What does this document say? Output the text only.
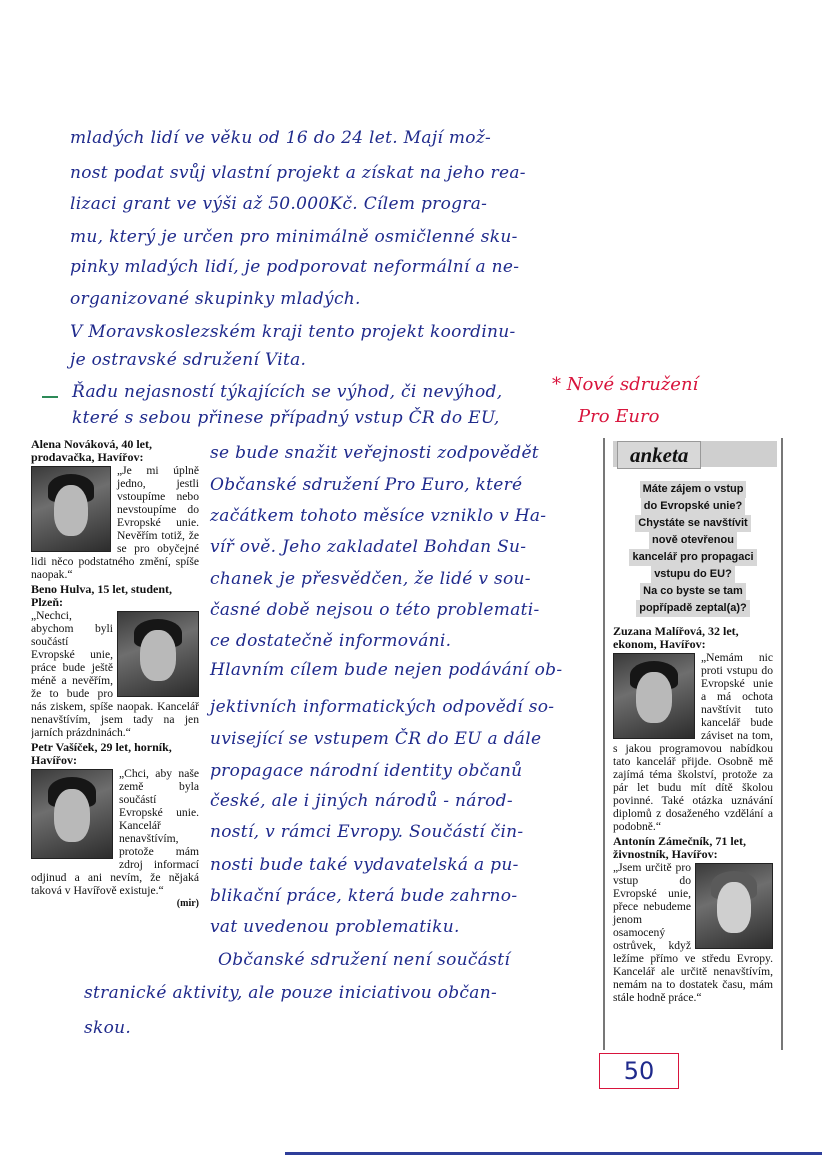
mladých lidí ve věku od 16 do 24 let. Mají mož-
nost podat svůj vlastní projekt a získat na jeho rea-
lizaci grant ve výši až 50.000Kč. Cílem progra-
mu, který je určen pro minimálně osmičlenné sku-
pinky mladých lidí, je podporovat neformální a ne-
organizované skupinky mladých.
V Moravskoslezském kraji tento projekt koordinu-
je ostravské sdružení Vita.
Řadu nejasností týkajících se výhod, či nevýhod,
které s sebou přinese případný vstup ČR do EU,
se bude snažit veřejnosti zodpovědět
Občanské sdružení Pro Euro, které
začátkem tohoto měsíce vzniklo v Ha-
víř ově. Jeho zakladatel Bohdan Su-
chanek je přesvědčen, že lidé v sou-
časné době nejsou o této problemati-
ce dostatečně informováni.
Hlavním cílem bude nejen podávání ob-
jektivních informatických odpovědí so-
uvisející se vstupem ČR do EU a dále
propagace národní identity občanů
české, ale i jiných národů - národ-
ností, v rámci Evropy. Součástí čin-
nosti bude také vydavatelská a pu-
blikační práce, která bude zahrno-
vat uvedenou problematiku.
Občanské sdružení není součástí
stranické aktivity, ale pouze iniciativou občan-
skou.
* Nové sdružení
Pro Euro
Alena Nováková, 40 let, prodavačka, Havířov:
„Je mi úplně jedno, jestli vstoupíme nebo nevstoupíme do Evropské unie. Nevěřím totiž, že se pro obyčejné lidi něco podstatného změní, spíše naopak.“
Beno Hulva, 15 let, student, Plzeň:
„Nechci, abychom byli součástí Evropské unie, práce bude ještě méně a nevěřím, že to bude pro nás ziskem, spíše naopak. Kancelář nenavštívím, jsem tady na jen jarních prázdninách.“
Petr Vašíček, 29 let, horník, Havířov:
„Chci, aby naše země byla součástí Evropské unie. Kancelář nenavštívím, protože mám zdroj informací odjinud a ani nevím, že nějaká taková v Havířově existuje.“
(mir)
anketa
Máte zájem o vstup
do Evropské unie?
Chystáte se navštívit
nově otevřenou
kancelář pro propagaci
vstupu do EU?
Na co byste se tam
popřípadě zeptal(a)?
Zuzana Malířová, 32 let, ekonom, Havířov:
„Nemám nic proti vstupu do Evropské unie a má ochota navštívit tuto kancelář bude záviset na tom, s jakou programovou nabídkou tato kancelář přijde. Osobně mě zajímá téma školství, protože za pár let budu mít dítě školou povinné. Také otázka uznávání diplomů z dosaženého vzdělání a podobně.“
Antonín Zámečník, 71 let, živnostník, Havířov:
„Jsem určitě pro vstup do Evropské unie, přece nebudeme jenom osamocený ostrůvek, když ležíme přímo ve středu Evropy. Kancelář ale určitě nenavštívím, nemám na to dostatek času, mám stále hodně práce.“
50
